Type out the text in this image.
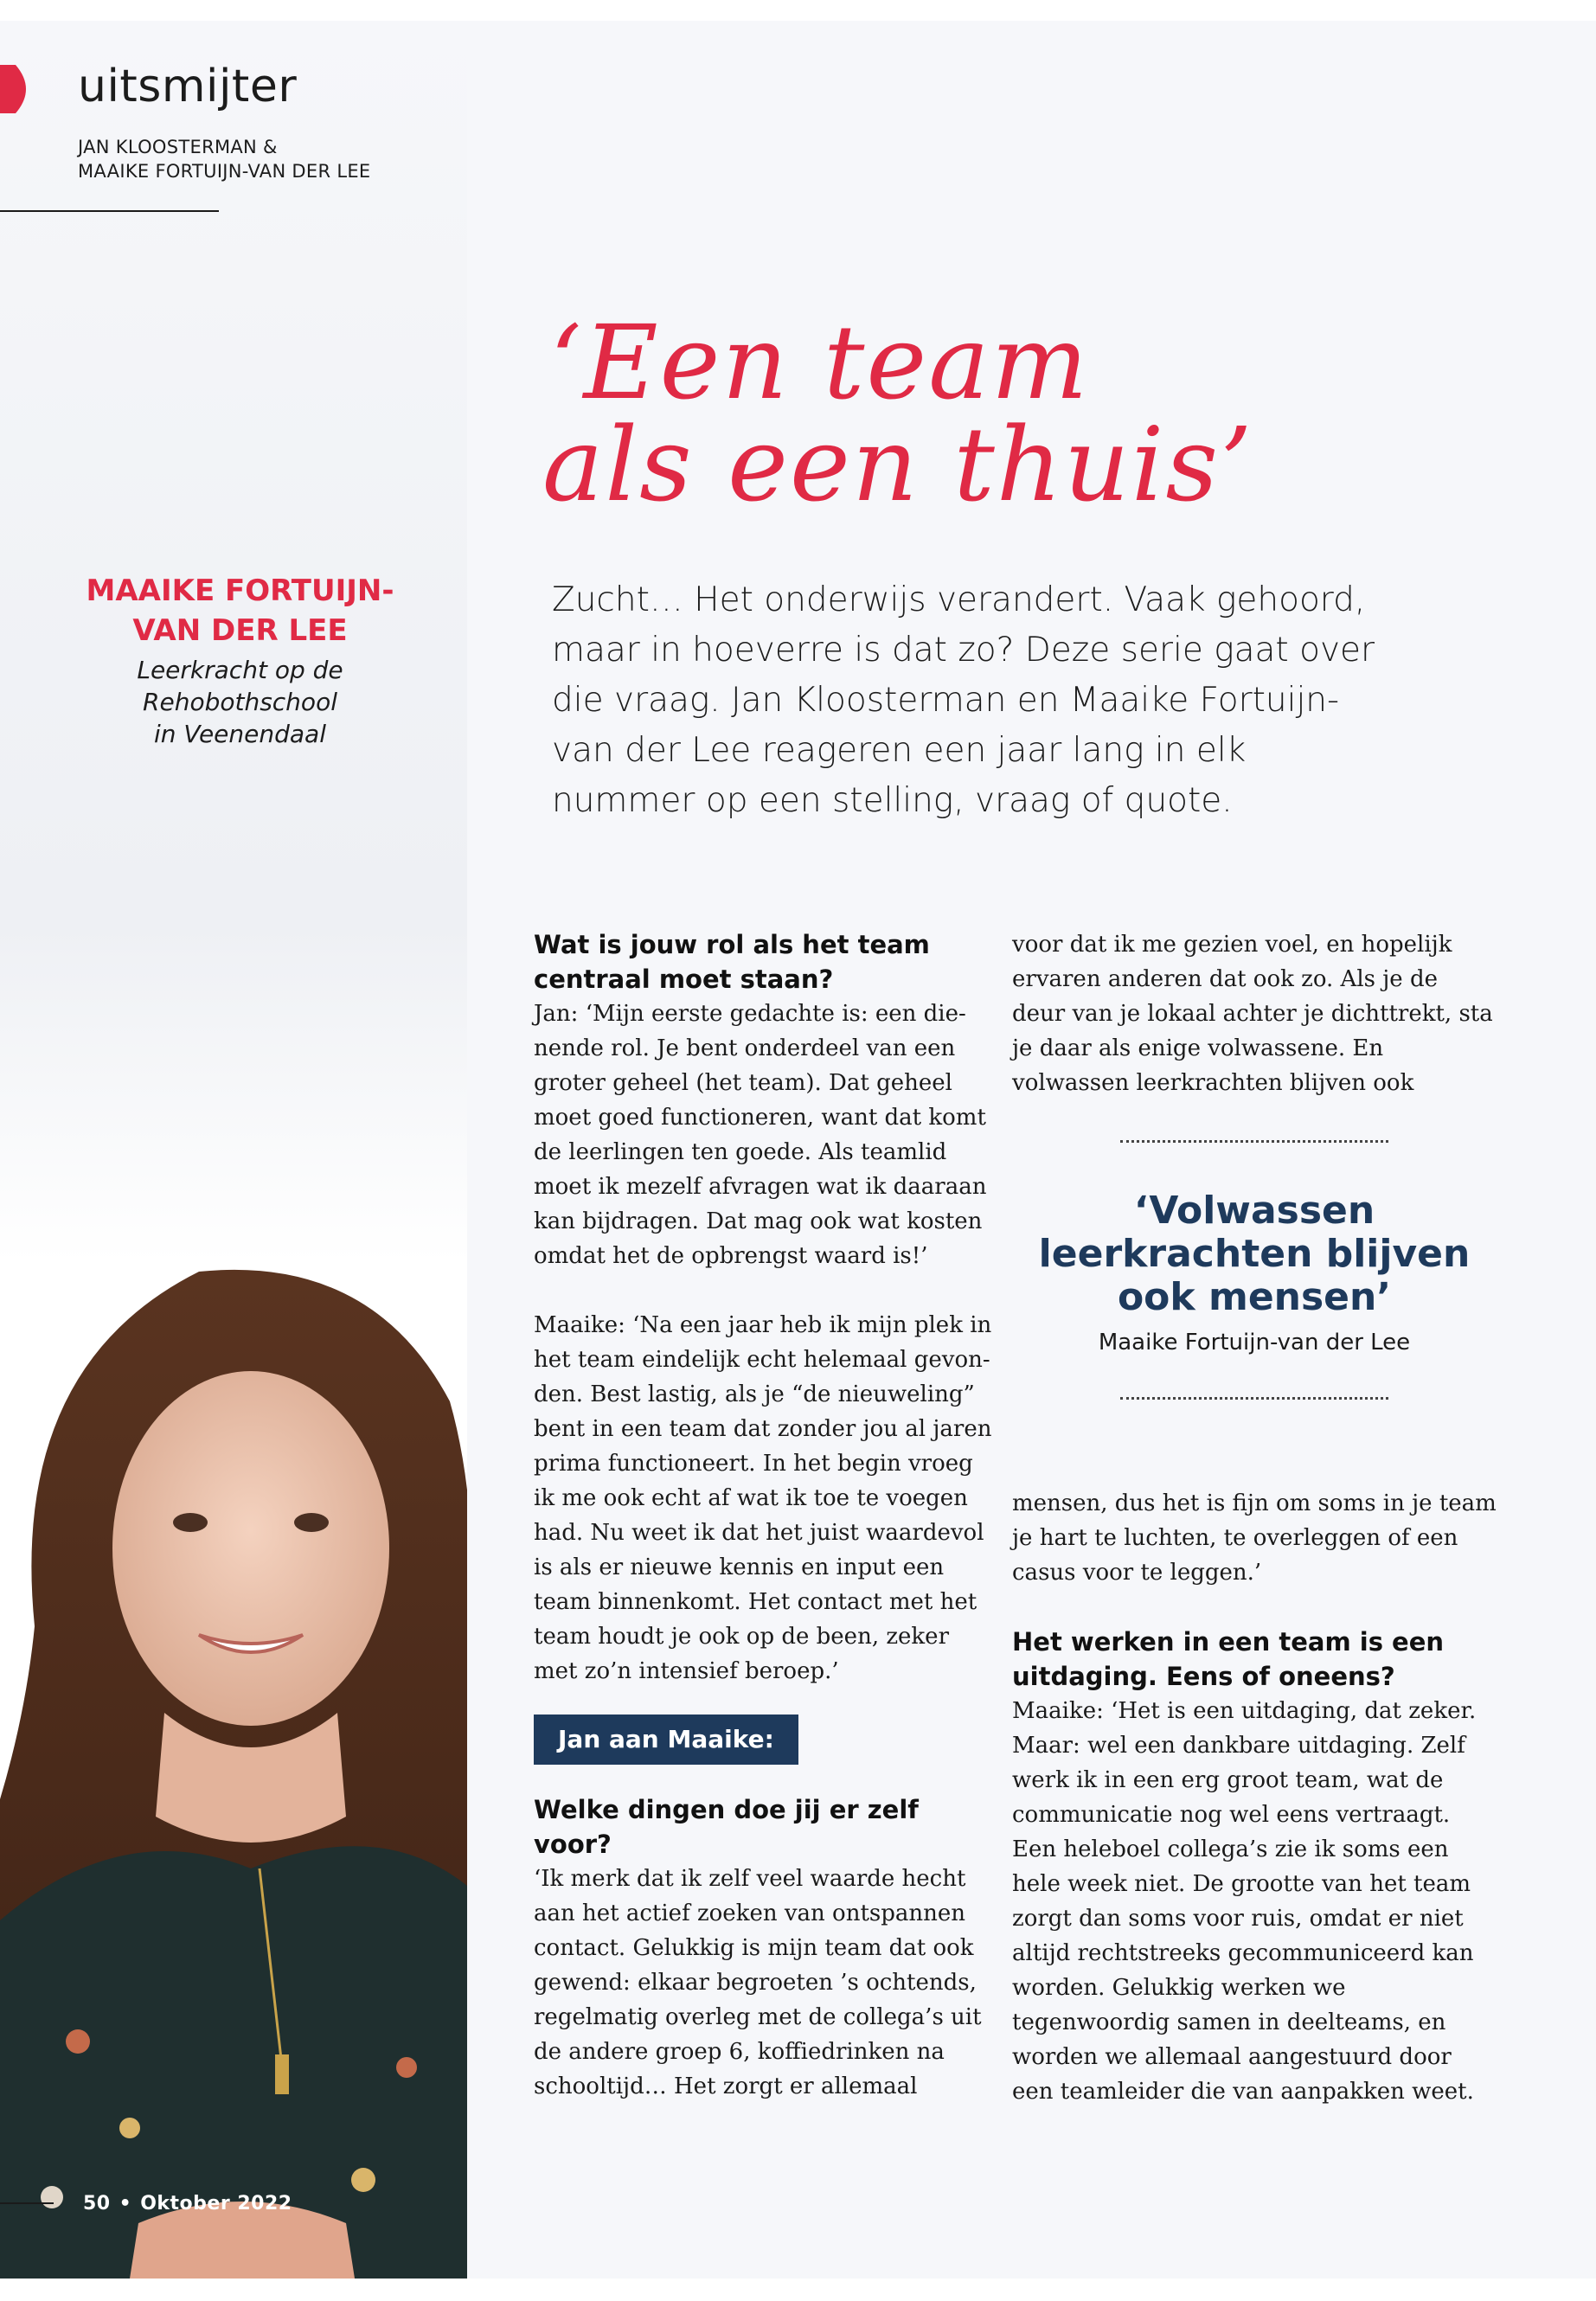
uitsmijter
JAN KLOOSTERMAN &
MAAIKE FORTUIJN-VAN DER LEE
‘Een team
als een thuis’
MAAIKE FORTUIJN-
VAN DER LEE
Leerkracht op de
Rehobothschool
in Veenendaal

Zucht… Het onderwijs verandert. Vaak gehoord, maar in hoeverre is dat zo? Deze serie gaat over die vraag. Jan Kloosterman en Maaike Fortuijn-van der Lee reageren een jaar lang in elk nummer op een stelling, vraag of quote.

Wat is jouw rol als het team
centraal moet staan?

Jan: ‘Mijn eerste gedachte is: een dienende rol. Je bent onderdeel van een groter geheel (het team). Dat geheel moet goed functioneren, want dat komt de leerlingen ten goede. Als teamlid moet ik mezelf afvragen wat ik daaraan kan bijdragen. Dat mag ook wat kosten omdat het de opbrengst waard is!’

Maaike: ‘Na een jaar heb ik mijn plek in het team eindelijk echt helemaal gevonden. Best lastig, als je “de nieuweling” bent in een team dat zonder jou al jaren prima functioneert. In het begin vroeg ik me ook echt af wat ik toe te voegen had. Nu weet ik dat het juist waardevol is als er nieuwe kennis en input een team binnenkomt. Het contact met het team houdt je ook op de been, zeker met zo’n intensief beroep.’

Jan aan Maaike:

Welke dingen doe jij er zelf voor?

‘Ik merk dat ik zelf veel waarde hecht aan het actief zoeken van ontspannen contact. Gelukkig is mijn team dat ook gewend: elkaar begroeten ’s ochtends, regelmatig overleg met de collega’s uit de andere groep 6, koffiedrinken na schooltijd… Het zorgt er allemaal

voor dat ik me gezien voel, en hopelijk ervaren anderen dat ook zo. Als je de deur van je lokaal achter je dichttrekt, sta je daar als enige volwassene. En volwassen leerkrachten blijven ook

‘Volwassen
leerkrachten blijven
ook mensen’
Maaike Fortuijn-van der Lee

mensen, dus het is fijn om soms in je team je hart te luchten, te overleggen of een casus voor te leggen.’

Het werken in een team is een
uitdaging. Eens of oneens?

Maaike: ‘Het is een uitdaging, dat zeker. Maar: wel een dankbare uitdaging. Zelf werk ik in een erg groot team, wat de communicatie nog wel eens vertraagt. Een heleboel collega’s zie ik soms een hele week niet. De grootte van het team zorgt dan soms voor ruis, omdat er niet altijd rechtstreeks gecommuniceerd kan worden. Gelukkig werken we tegenwoordig samen in deelteams, en worden we allemaal aangestuurd door een teamleider die van aanpakken weet.

50 • Oktober 2022
